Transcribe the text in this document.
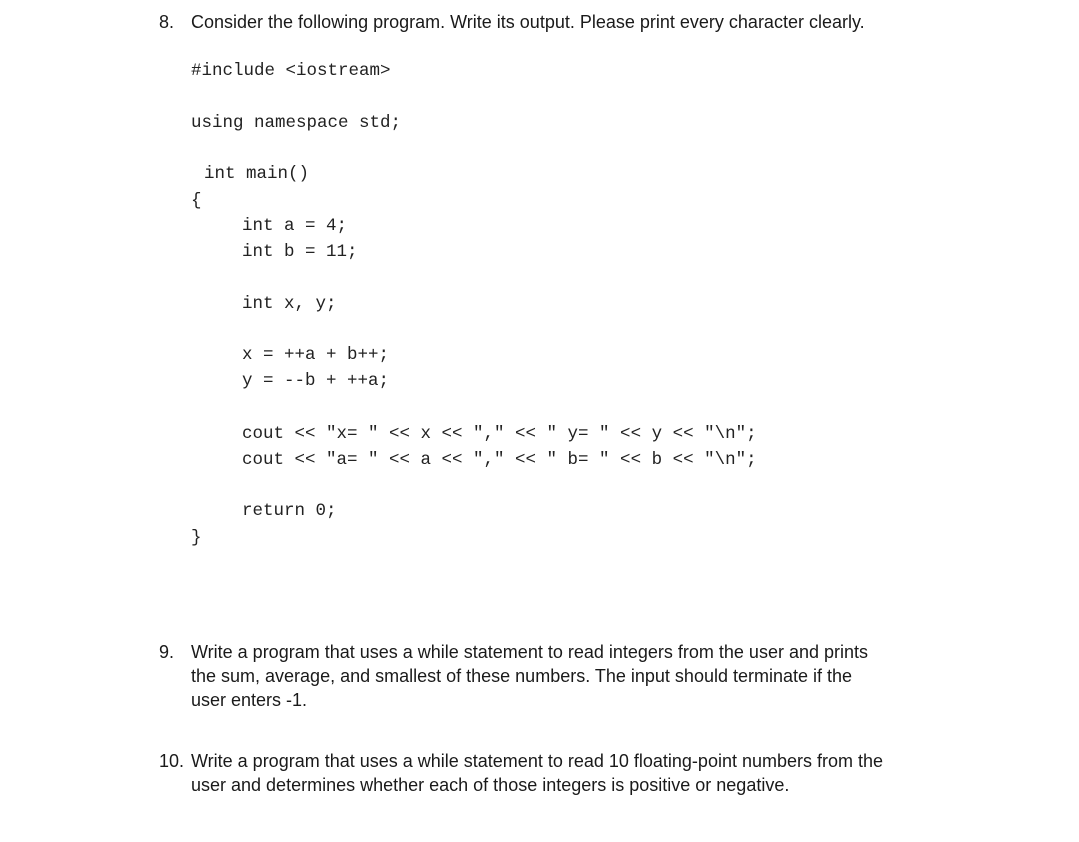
8. Consider the following program. Write its output. Please print every character clearly.
#include <iostream>
using namespace std;
int main()
{
int a = 4;
int b = 11;
int x, y;
x = ++a + b++;
y = --b + ++a;
cout << "x= " << x << "," << " y= " << y << "\n";
cout << "a= " << a << "," << " b= " << b << "\n";
return 0;
}
9. Write a program that uses a while statement to read integers from the user and prints
the sum, average, and smallest of these numbers. The input should terminate if the
user enters -1.
10. Write a program that uses a while statement to read 10 floating-point numbers from the
user and determines whether each of those integers is positive or negative.
